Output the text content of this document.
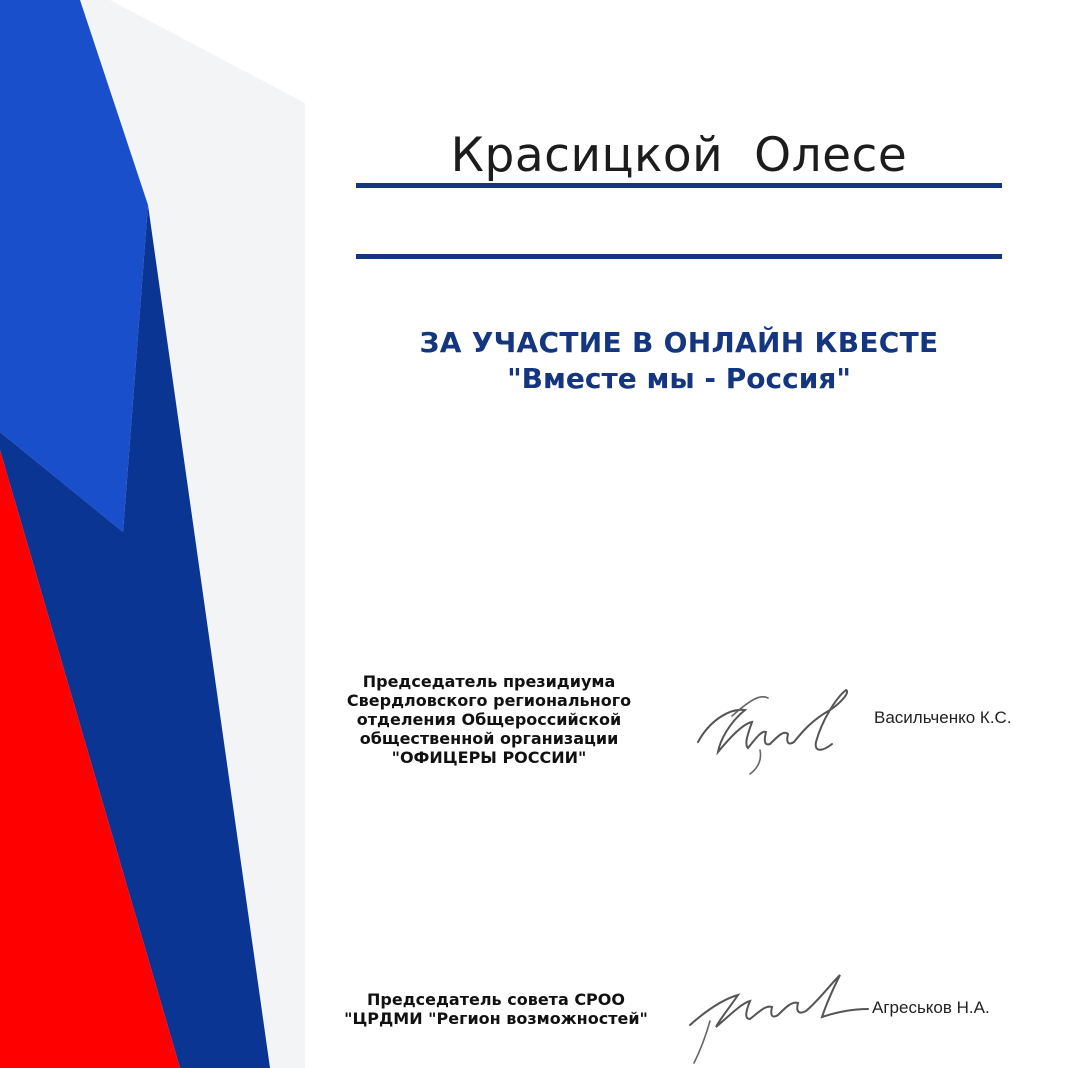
Красицкой  Олесе
ЗА УЧАСТИЕ В ОНЛАЙН КВЕСТЕ
"Вместе мы - Россия"
Председатель президиума
Свердловского регионального
отделения Общероссийской
общественной организации
"ОФИЦЕРЫ РОССИИ"
Васильченко К.С.
Председатель совета СРОО
"ЦРДМИ "Регион возможностей"
Агреськов Н.А.
